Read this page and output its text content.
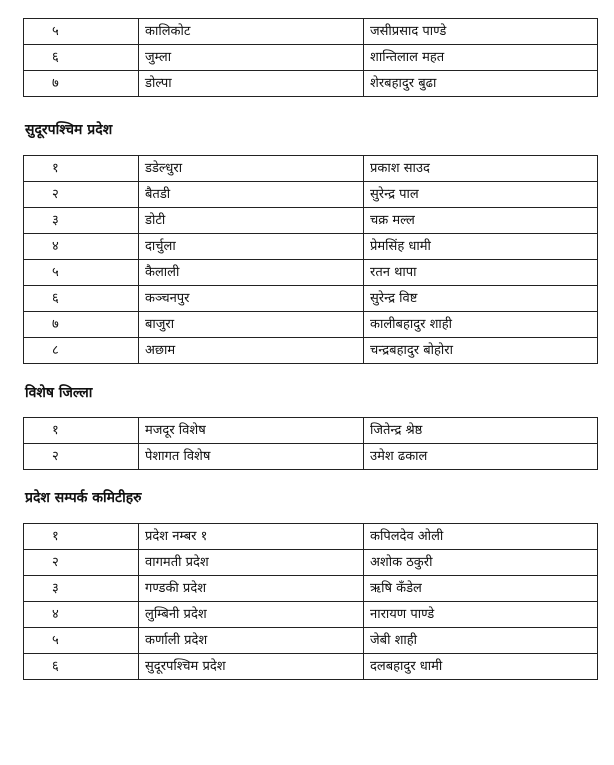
५	कालिकोट	जसीप्रसाद पाण्डे
६	जुम्ला	शान्तिलाल महत
७	डोल्पा	शेरबहादुर बुढा
सुदूरपश्चिम प्रदेश
१	डडेल्धुरा	प्रकाश साउद
२	बैतडी	सुरेन्द्र पाल
३	डोटी	चक्र मल्ल
४	दार्चुला	प्रेमसिंह धामी
५	कैलाली	रतन थापा
६	कञ्चनपुर	सुरेन्द्र विष्ट
७	बाजुरा	कालीबहादुर शाही
८	अछाम	चन्द्रबहादुर बोहोरा
विशेष जिल्ला
१	मजदूर विशेष	जितेन्द्र श्रेष्ठ
२	पेशागत विशेष	उमेश ढकाल
प्रदेश सम्पर्क कमिटीहरु
१	प्रदेश नम्बर १	कपिलदेव ओली
२	वागमती प्रदेश	अशोक ठकुरी
३	गण्डकी प्रदेश	ऋषि कँडेल
४	लुम्बिनी प्रदेश	नारायण पाण्डे
५	कर्णाली प्रदेश	जेबी शाही
६	सुदूरपश्चिम प्रदेश	दलबहादुर धामी
